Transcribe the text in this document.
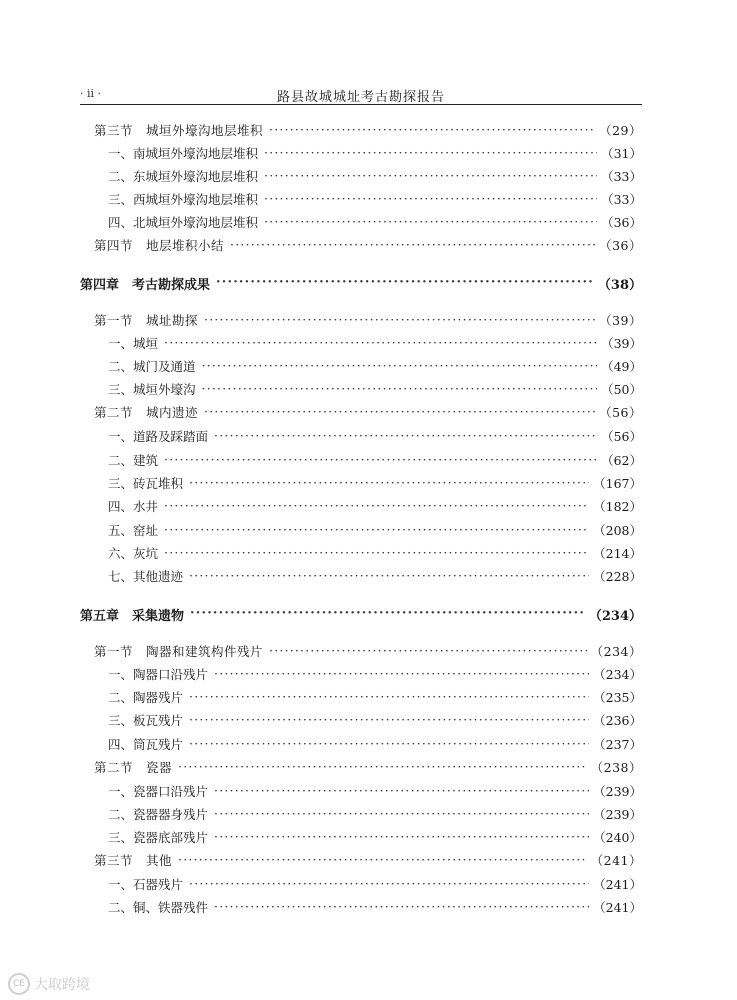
· ii ·	路县故城城址考古勘探报告
第三节　城垣外壕沟地层堆积 ·····	（29）
一、南城垣外壕沟地层堆积 ·····	（31）
二、东城垣外壕沟地层堆积 ·····	（33）
三、西城垣外壕沟地层堆积 ·····	（33）
四、北城垣外壕沟地层堆积 ·····	（36）
第四节　地层堆积小结 ·····	（36）
第四章　考古勘探成果 ·····	（38）
第一节　城址勘探 ·····	（39）
一、城垣 ·····	（39）
二、城门及通道 ·····	（49）
三、城垣外壕沟 ·····	（50）
第二节　城内遗迹 ·····	（56）
一、道路及踩踏面 ·····	（56）
二、建筑 ·····	（62）
三、砖瓦堆积 ·····	（167）
四、水井 ·····	（182）
五、窑址 ·····	（208）
六、灰坑 ·····	（214）
七、其他遗迹 ·····	（228）
第五章　采集遗物 ·····	（234）
第一节　陶器和建筑构件残片 ·····	（234）
一、陶器口沿残片 ·····	（234）
二、陶器残片 ·····	（235）
三、板瓦残片 ·····	（236）
四、筒瓦残片 ·····	（237）
第二节　瓷器 ·····	（238）
一、瓷器口沿残片 ·····	（239）
二、瓷器器身残片 ·····	（239）
三、瓷器底部残片 ·····	（240）
第三节　其他 ·····	（241）
一、石器残片 ·····	（241）
二、铜、铁器残件 ·····	（241）
CE 大取跨境
